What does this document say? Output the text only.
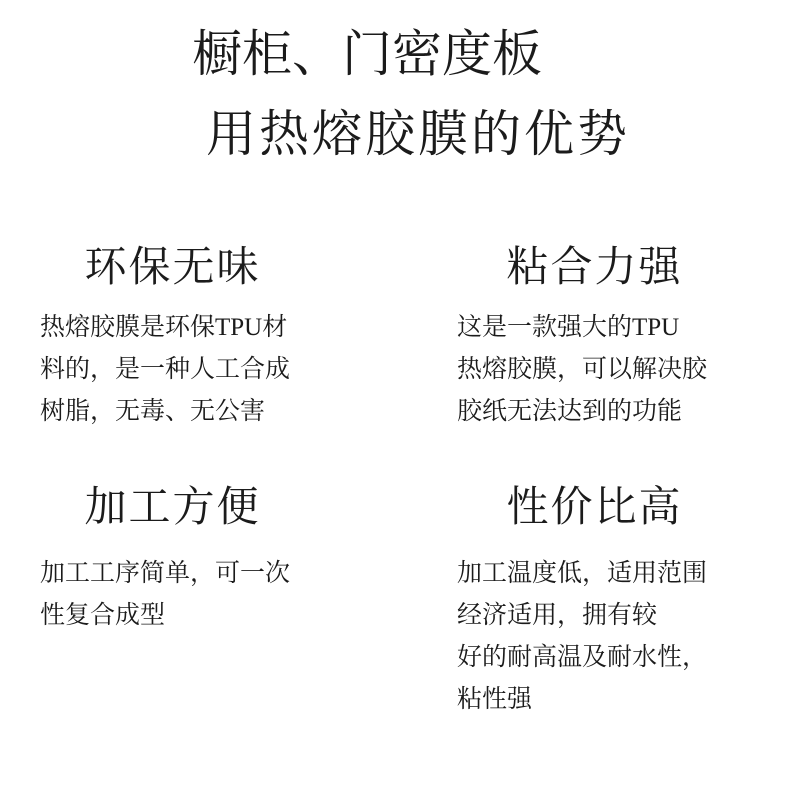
橱柜、门密度板
用热熔胶膜的优势
环保无味
热熔胶膜是环保TPU材
料的，是一种人工合成
树脂，无毒、无公害
粘合力强
这是一款强大的TPU
热熔胶膜，可以解决胶
胶纸无法达到的功能
加工方便
加工工序简单，可一次
性复合成型
性价比高
加工温度低，适用范围
经济适用，拥有较
好的耐高温及耐水性，
粘性强
